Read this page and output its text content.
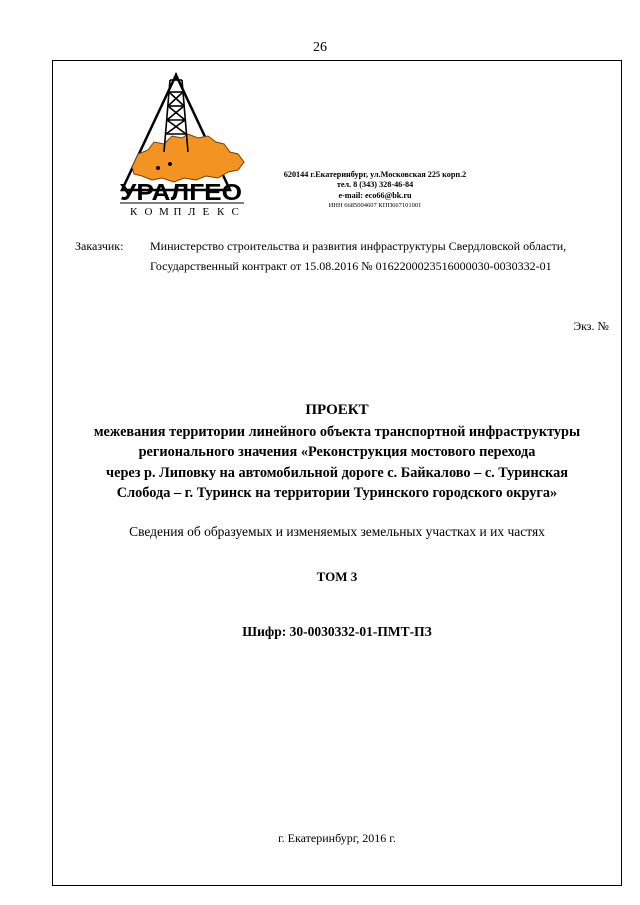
26
УРАЛГЕО
К О М П Л Е К С
620144 г.Екатеринбург, ул.Московская 225 корп.2
тел. 8 (343) 328-46-84
e-mail: eco66@bk.ru
ИНН 6685004607 КПП667101001
Заказчик: Министерство строительства и развития инфраструктуры Свердловской области,
Государственный контракт от 15.08.2016 № 0162200023516000030-0030332-01
Экз. №
ПРОЕКТ
межевания территории линейного объекта транспортной инфраструктуры
регионального значения «Реконструкция мостового перехода
через р. Липовку на автомобильной дороге с. Байкалово – с. Туринская
Слобода – г. Туринск на территории Туринского городского округа»
Сведения об образуемых и изменяемых земельных участках и их частях
ТОМ 3
Шифр: 30-0030332-01-ПМТ-ПЗ
г. Екатеринбург, 2016 г.
